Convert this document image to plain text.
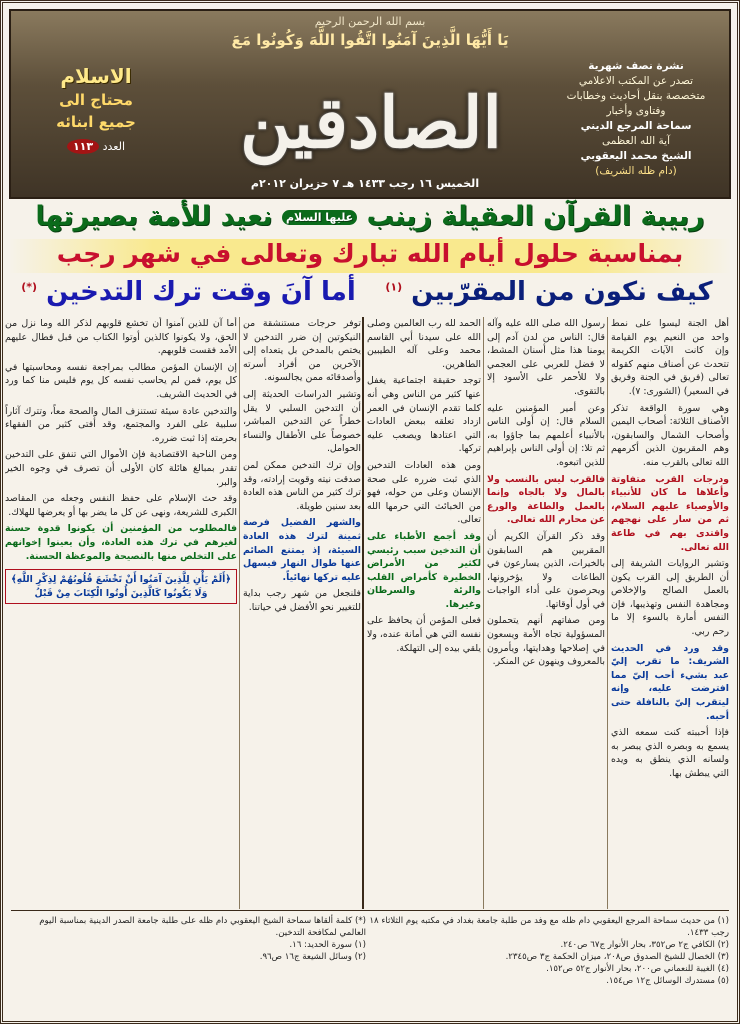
بسم الله الرحمن الرحيم
يَا أَيُّهَا الَّذِينَ آمَنُوا اتَّقُوا اللَّهَ وَكُونُوا مَعَ
الصادقين
نشرة نصف شهرية
تصدر عن المكتب الاعلامي
متخصصة بنقل أحاديث وخطابات
وفتاوى وأخبار
سماحة المرجع الديني
آية الله العظمى
الشيخ محمد اليعقوبي
(دام ظله الشريف)
الاسلام
محتاج الى
جميع ابنائه
العدد ١١٣
الخميس ١٦ رجب ١٤٣٣ هـ ٧ حزيران ٢٠١٢م
ربيبة القرآن العقيلة زينب عليها السلام نعيد للأمة بصيرتها
بمناسبة حلول أيام الله تبارك وتعالى في شهر رجب
كيف نكون من المقرّبين $^{(١)}$
أما آنَ وقت ترك التدخين (*)

أهل الجنة ليسوا على نمط واحد من النعيم يوم القيامة وإن كانت الآيات الكريمة تتحدث عن أصناف منهم كقوله تعالى (فريق في الجنة وفريق في السعير) (الشورى: ٧).

وهي سورة الواقعة تذكر الأصناف الثلاثة: أصحاب اليمين وأصحاب الشمال والسابقون، وهم المقربون الذين أكرمهم الله تعالى بالقرب منه.

ودرجات القرب متفاوتة وأعلاها ما كان للأنبياء والأوصياء عليهم السلام، ثم من سار على نهجهم واقتدى بهم في طاعة الله تعالى.

وتشير الروايات الشريفة إلى أن الطريق إلى القرب يكون بالعمل الصالح والإخلاص ومجاهدة النفس وتهذيبها، فإن النفس أمارة بالسوء إلا ما رحم ربي.

وقد ورد في الحديث الشريف: ما تقرب إليّ عبد بشيء أحب إليّ مما افترضت عليه، وإنه ليتقرب إليّ بالنافلة حتى أحبه.

فإذا أحببته كنت سمعه الذي يسمع به وبصره الذي يبصر به ولسانه الذي ينطق به ويده التي يبطش بها.

رسول الله صلى الله عليه وآله قال: الناس من لدن آدم إلى يومنا هذا مثل أسنان المشط، لا فضل للعربي على العجمي ولا للأحمر على الأسود إلا بالتقوى.

وعن أمير المؤمنين عليه السلام قال: إن أولى الناس بالأنبياء أعلمهم بما جاؤوا به، ثم تلا: إن أولى الناس بإبراهيم للذين اتبعوه.

فالقرب ليس بالنسب ولا بالمال ولا بالجاه وإنما بالعمل والطاعة والورع عن محارم الله تعالى.

وقد ذكر القرآن الكريم أن المقربين هم السابقون بالخيرات، الذين يسارعون في الطاعات ولا يؤخرونها، ويحرصون على أداء الواجبات في أول أوقاتها.

ومن صفاتهم أنهم يتحملون المسؤولية تجاه الأمة ويسعون في إصلاحها وهدايتها، ويأمرون بالمعروف وينهون عن المنكر.

الحمد لله رب العالمين وصلى الله على سيدنا أبي القاسم محمد وعلى آله الطيبين الطاهرين.

توجد حقيقة اجتماعية يغفل عنها كثير من الناس وهي أنه كلما تقدم الإنسان في العمر ازداد تعلقه ببعض العادات التي اعتادها ويصعب عليه تركها.

ومن هذه العادات التدخين الذي ثبت ضرره على صحة الإنسان وعلى من حوله، فهو من الخبائث التي حرمها الله تعالى.

وقد أجمع الأطباء على أن التدخين سبب رئيسي لكثير من الأمراض الخطيرة كأمراض القلب والرئة والسرطان وغيرها.

فعلى المؤمن أن يحافظ على نفسه التي هي أمانة عنده، ولا يلقي بيده إلى التهلكة.

توفر حرجات مستنشقة من النيكوتين إن ضرر التدخين لا يختص بالمدخن بل يتعداه إلى الآخرين من أفراد أسرته وأصدقائه ممن يجالسونه.

وتشير الدراسات الحديثة إلى أن التدخين السلبي لا يقل خطراً عن التدخين المباشر، خصوصاً على الأطفال والنساء الحوامل.

وإن ترك التدخين ممكن لمن صدقت نيته وقويت إرادته، وقد ترك كثير من الناس هذه العادة بعد سنين طويلة.

والشهر الفضيل فرصة ثمينة لترك هذه العادة السيئة، إذ يمتنع الصائم عنها طوال النهار فيسهل عليه تركها نهائياً.

فلنجعل من شهر رجب بداية للتغيير نحو الأفضل في حياتنا.

أما آن للذين آمنوا أن تخشع قلوبهم لذكر الله وما نزل من الحق، ولا يكونوا كالذين أوتوا الكتاب من قبل فطال عليهم الأمد فقست قلوبهم.

إن الإنسان المؤمن مطالب بمراجعة نفسه ومحاسبتها في كل يوم، فمن لم يحاسب نفسه كل يوم فليس منا كما ورد في الحديث الشريف.

والتدخين عادة سيئة تستنزف المال والصحة معاً، وتترك آثاراً سلبية على الفرد والمجتمع، وقد أفتى كثير من الفقهاء بحرمته إذا ثبت ضرره.

ومن الناحية الاقتصادية فإن الأموال التي تنفق على التدخين تقدر بمبالغ هائلة كان الأولى أن تصرف في وجوه الخير والبر.

وقد حث الإسلام على حفظ النفس وجعله من المقاصد الكبرى للشريعة، ونهى عن كل ما يضر بها أو يعرضها للهلاك.

فالمطلوب من المؤمنين أن يكونوا قدوة حسنة لغيرهم في ترك هذه العادة، وأن يعينوا إخوانهم على التخلص منها بالنصيحة والموعظة الحسنة.

﴿أَلَمْ يَأْنِ لِلَّذِينَ آمَنُوا أَنْ تَخْشَعَ قُلُوبُهُمْ لِذِكْرِ اللَّهِ﴾
وَلَا يَكُونُوا كَالَّذِينَ أُوتُوا الْكِتَابَ مِنْ قَبْلُ

(١) من حديث سماحة المرجع اليعقوبي دام ظله مع وفد من طلبة جامعة بغداد في مكتبه يوم الثلاثاء ١٨ رجب ١٤٣٣.
(٢) الكافي ج٢ ص٣٥٢، بحار الأنوار ج٦٧ ص٢٤٠.
(٣) الخصال للشيخ الصدوق ص٢٠٨، ميزان الحكمة ج٣ ص٢٣٤٥.
(٤) الغيبة للنعماني ص٢٠٠، بحار الأنوار ج٥٢ ص١٥٢.
(٥) مستدرك الوسائل ج١٢ ص١٥٤.
(*) كلمة ألقاها سماحة الشيخ اليعقوبي دام ظله على طلبة جامعة الصدر الدينية بمناسبة اليوم العالمي لمكافحة التدخين.
(١) سورة الحديد: ١٦.
(٢) وسائل الشيعة ج١٦ ص٩٦.
